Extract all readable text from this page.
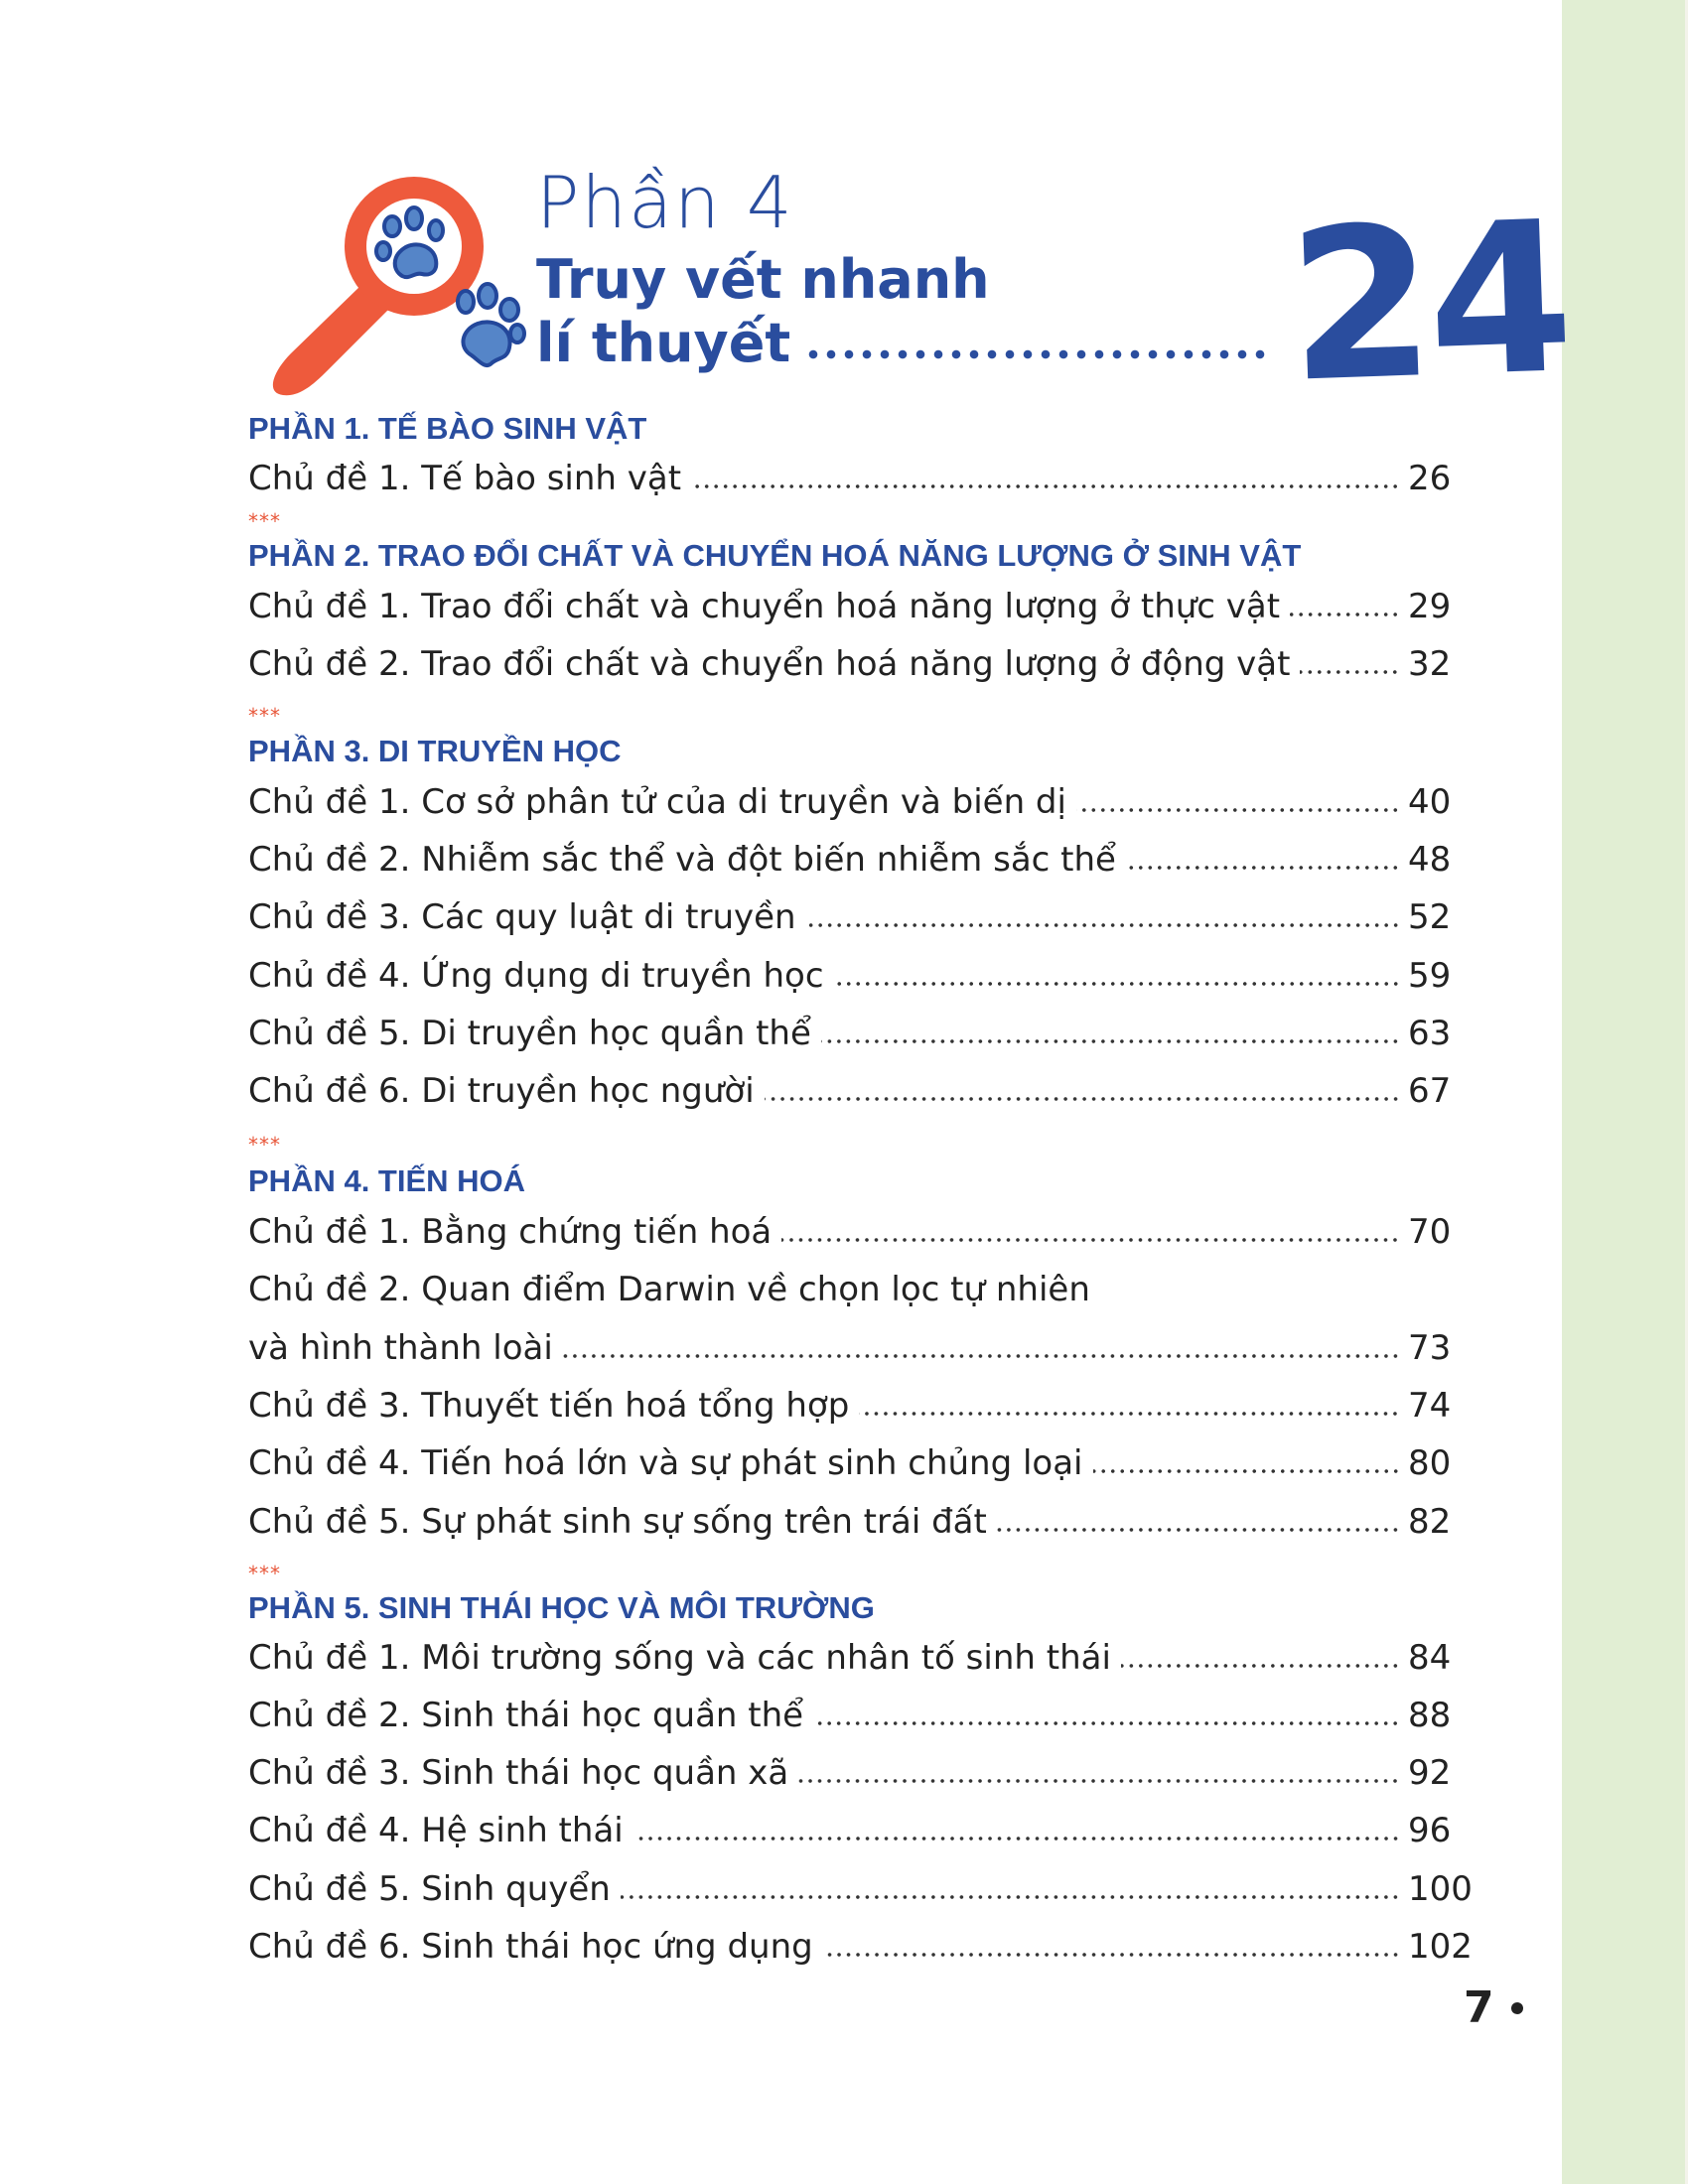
Phần 4
Truy vết nhanh
lí thuyết 24
PHẦN 1. TẾ BÀO SINH VẬT
Chủ đề 1. Tế bào sinh vật	26
***
PHẦN 2. TRAO ĐỔI CHẤT VÀ CHUYỂN HOÁ NĂNG LƯỢNG Ở SINH VẬT
Chủ đề 1. Trao đổi chất và chuyển hoá năng lượng ở thực vật	29
Chủ đề 2. Trao đổi chất và chuyển hoá năng lượng ở động vật	32
***
PHẦN 3. DI TRUYỀN HỌC
Chủ đề 1. Cơ sở phân tử của di truyền và biến dị	40
Chủ đề 2. Nhiễm sắc thể và đột biến nhiễm sắc thể	48
Chủ đề 3. Các quy luật di truyền	52
Chủ đề 4. Ứng dụng di truyền học	59
Chủ đề 5. Di truyền học quần thể	63
Chủ đề 6. Di truyền học người	67
***
PHẦN 4. TIẾN HOÁ
Chủ đề 1. Bằng chứng tiến hoá	70
Chủ đề 2. Quan điểm Darwin về chọn lọc tự nhiên
và hình thành loài	73
Chủ đề 3. Thuyết tiến hoá tổng hợp	74
Chủ đề 4. Tiến hoá lớn và sự phát sinh chủng loại	80
Chủ đề 5. Sự phát sinh sự sống trên trái đất	82
***
PHẦN 5. SINH THÁI HỌC VÀ MÔI TRƯỜNG
Chủ đề 1. Môi trường sống và các nhân tố sinh thái	84
Chủ đề 2. Sinh thái học quần thể	88
Chủ đề 3. Sinh thái học quần xã	92
Chủ đề 4. Hệ sinh thái	96
Chủ đề 5. Sinh quyển	100
Chủ đề 6. Sinh thái học ứng dụng	102
7
